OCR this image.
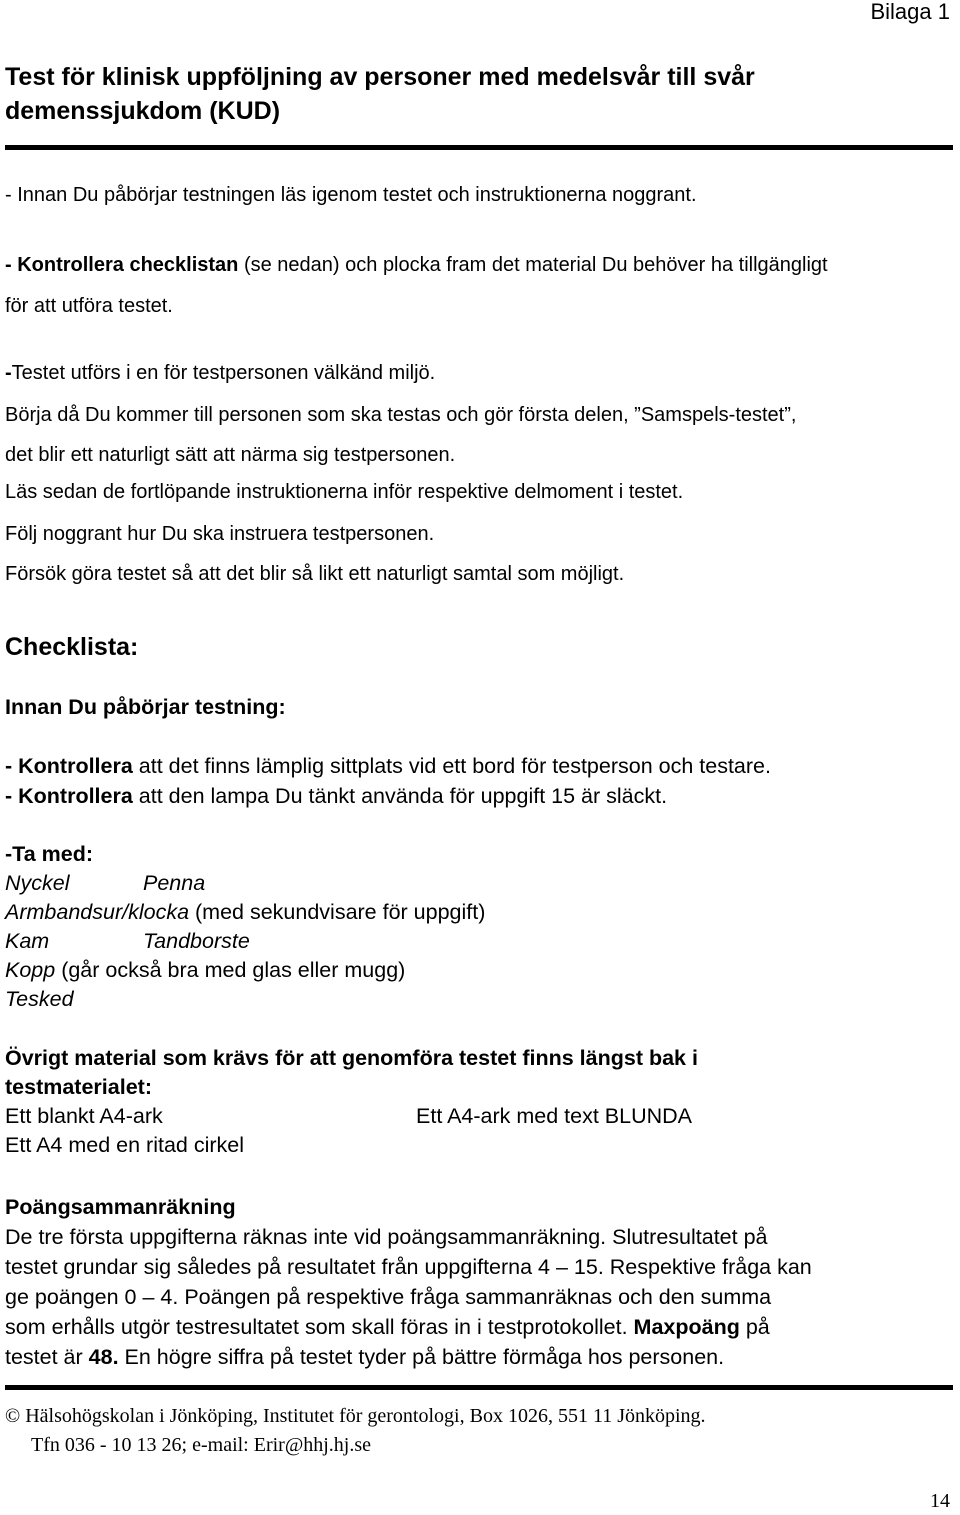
Bilaga 1
Test för klinisk uppföljning av personer med medelsvår till svår
demenssjukdom (KUD)
- Innan Du påbörjar testningen läs igenom testet och instruktionerna noggrant.
- Kontrollera checklistan (se nedan) och plocka fram det material Du behöver ha tillgängligt
för att utföra testet.
-Testet utförs i en för testpersonen välkänd miljö.
Börja då Du kommer till personen som ska testas och gör första delen, ”Samspels-testet”,
det blir ett naturligt sätt att närma sig testpersonen.
Läs sedan de fortlöpande instruktionerna inför respektive delmoment i testet.
Följ noggrant hur Du ska instruera testpersonen.
Försök göra testet så att det blir så likt ett naturligt samtal som möjligt.
Checklista:
Innan Du påbörjar testning:
- Kontrollera att det finns lämplig sittplats vid ett bord för testperson och testare.
- Kontrollera att den lampa Du tänkt använda för uppgift 15 är släckt.
-Ta med:
Nyckel	Penna
Armbandsur/klocka (med sekundvisare för uppgift)
Kam	Tandborste
Kopp (går också bra med glas eller mugg)
Tesked
Övrigt material som krävs för att genomföra testet finns längst bak i
testmaterialet:
Ett blankt A4-ark	Ett A4-ark med text BLUNDA
Ett A4 med en ritad cirkel
Poängsammanräkning
De tre första uppgifterna räknas inte vid poängsammanräkning. Slutresultatet på
testet grundar sig således på resultatet från uppgifterna 4 – 15. Respektive fråga kan
ge poängen 0 – 4. Poängen på respektive fråga sammanräknas och den summa
som erhålls utgör testresultatet som skall föras in i testprotokollet. Maxpoäng på
testet är 48. En högre siffra på testet tyder på bättre förmåga hos personen.
© Hälsohögskolan i Jönköping, Institutet för gerontologi, Box 1026, 551 11 Jönköping.
Tfn 036 - 10 13 26; e-mail: Erir@hhj.hj.se
14
